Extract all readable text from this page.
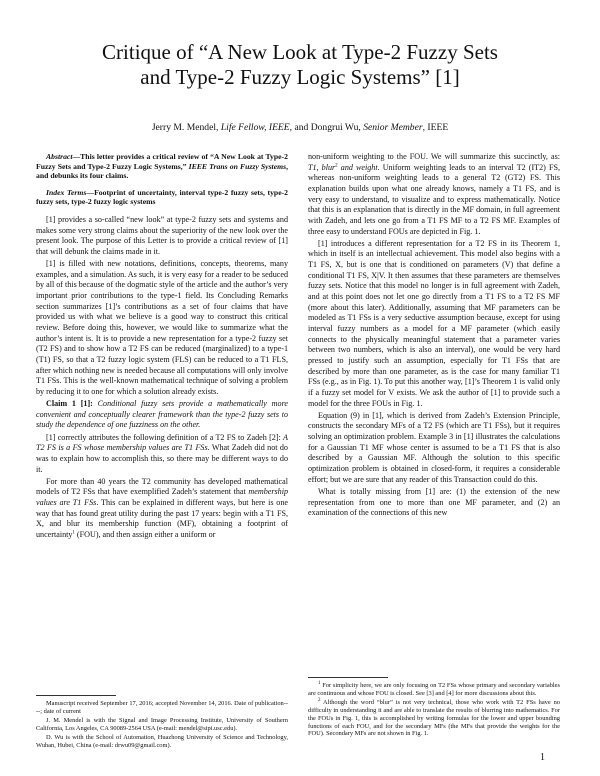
Critique of “A New Look at Type-2 Fuzzy Sets
and Type-2 Fuzzy Logic Systems” [1]
Jerry M. Mendel, Life Fellow, IEEE, and Dongrui Wu, Senior Member, IEEE

Abstract—This letter provides a critical review of “A New Look at Type-2 Fuzzy Sets and Type-2 Fuzzy Logic Systems,” IEEE Trans on Fuzzy Systems, and debunks its four claims.

Index Terms—Footprint of uncertainty, interval type-2 fuzzy sets, type-2 fuzzy sets, type-2 fuzzy logic systems

[1] provides a so-called “new look” at type-2 fuzzy sets and systems and makes some very strong claims about the superiority of the new look over the present look. The purpose of this Letter is to provide a critical review of [1] that will debunk the claims made in it.

[1] is filled with new notations, definitions, concepts, theorems, many examples, and a simulation. As such, it is very easy for a reader to be seduced by all of this because of the dogmatic style of the article and the author’s very important prior contributions to the type-1 field. Its Concluding Remarks section summarizes [1]’s contributions as a set of four claims that have provided us with what we believe is a good way to construct this critical review. Before doing this, however, we would like to summarize what the author’s intent is. It is to provide a new representation for a type-2 fuzzy set (T2 FS) and to show how a T2 FS can be reduced (marginalized) to a type-1 (T1) FS, so that a T2 fuzzy logic system (FLS) can be reduced to a T1 FLS, after which nothing new is needed because all computations will only involve T1 FSs. This is the well-known mathematical technique of solving a problem by reducing it to one for which a solution already exists.

Claim 1 [1]: Conditional fuzzy sets provide a mathematically more convenient and conceptually clearer framework than the type-2 fuzzy sets to study the dependence of one fuzziness on the other.

[1] correctly attributes the following definition of a T2 FS to Zadeh [2]: A T2 FS is a FS whose membership values are T1 FSs. What Zadeh did not do was to explain how to accomplish this, so there may be different ways to do it.

For more than 40 years the T2 community has developed mathematical models of T2 FSs that have exemplified Zadeh’s statement that membership values are T1 FSs. This can be explained in different ways, but here is one way that has found great utility during the past 17 years: begin with a T1 FS, X, and blur its membership function (MF), obtaining a footprint of uncertainty$^1$ (FOU), and then assign either a uniform or

Manuscript received September 17, 2016; accepted November 14, 2016. Date of publication----; date of current

J. M. Mendel is with the Signal and Image Processing Institute, University of Southern California, Los Angeles, CA 90089-2564 USA (e-mail: mendel@sipi.usc.edu).

D. Wu is with the School of Automation, Huazhong University of Science and Technology, Wuhan, Hubei, China (e-mail: drwu09@gmail.com).

non-uniform weighting to the FOU. We will summarize this succinctly, as: T1, blur$^2$ and weight. Uniform weighting leads to an interval T2 (IT2) FS, whereas non-uniform weighting leads to a general T2 (GT2) FS. This explanation builds upon what one already knows, namely a T1 FS, and is very easy to understand, to visualize and to express mathematically. Notice that this is an explanation that is directly in the MF domain, in full agreement with Zadeh, and lets one go from a T1 FS MF to a T2 FS MF. Examples of three easy to understand FOUs are depicted in Fig. 1.

[1] introduces a different representation for a T2 FS in its Theorem 1, which in itself is an intellectual achievement. This model also begins with a T1 FS, X, but is one that is conditioned on parameters (V) that define a conditional T1 FS, X|V. It then assumes that these parameters are themselves fuzzy sets. Notice that this model no longer is in full agreement with Zadeh, and at this point does not let one go directly from a T1 FS to a T2 FS MF (more about this later). Additionally, assuming that MF parameters can be modeled as T1 FSs is a very seductive assumption because, except for using interval fuzzy numbers as a model for a MF parameter (which easily connects to the physically meaningful statement that a parameter varies between two numbers, which is also an interval), one would be very hard pressed to justify such an assumption, especially for T1 FSs that are described by more than one parameter, as is the case for many familiar T1 FSs (e.g., as in Fig. 1). To put this another way, [1]’s Theorem 1 is valid only if a fuzzy set model for V exists. We ask the author of [1] to provide such a model for the three FOUs in Fig. 1.

Equation (9) in [1], which is derived from Zadeh’s Extension Principle, constructs the secondary MFs of a T2 FS (which are T1 FSs), but it requires solving an optimization problem. Example 3 in [1] illustrates the calculations for a Gaussian T1 MF whose center is assumed to be a T1 FS that is also described by a Gaussian MF. Although the solution to this specific optimization problem is obtained in closed-form, it requires a considerable effort; but we are sure that any reader of this Transaction could do this.

What is totally missing from [1] are: (1) the extension of the new representation from one to more than one MF parameter, and (2) an examination of the connections of this new

$^1$ For simplicity here, we are only focusing on T2 FSs whose primary and secondary variables are continuous and whose FOU is closed. See [3] and [4] for more discussions about this.

$^2$ Although the word “blur” is not very technical, those who work with T2 FSs have no difficulty in understanding it and are able to translate the results of blurring into mathematics. For the FOUs in Fig. 1, this is accomplished by writing formulas for the lower and upper bounding functions of each FOU, and for the secondary MFs (the MFs that provide the weights for the FOU). Secondary MFs are not shown in Fig. 1.

1
